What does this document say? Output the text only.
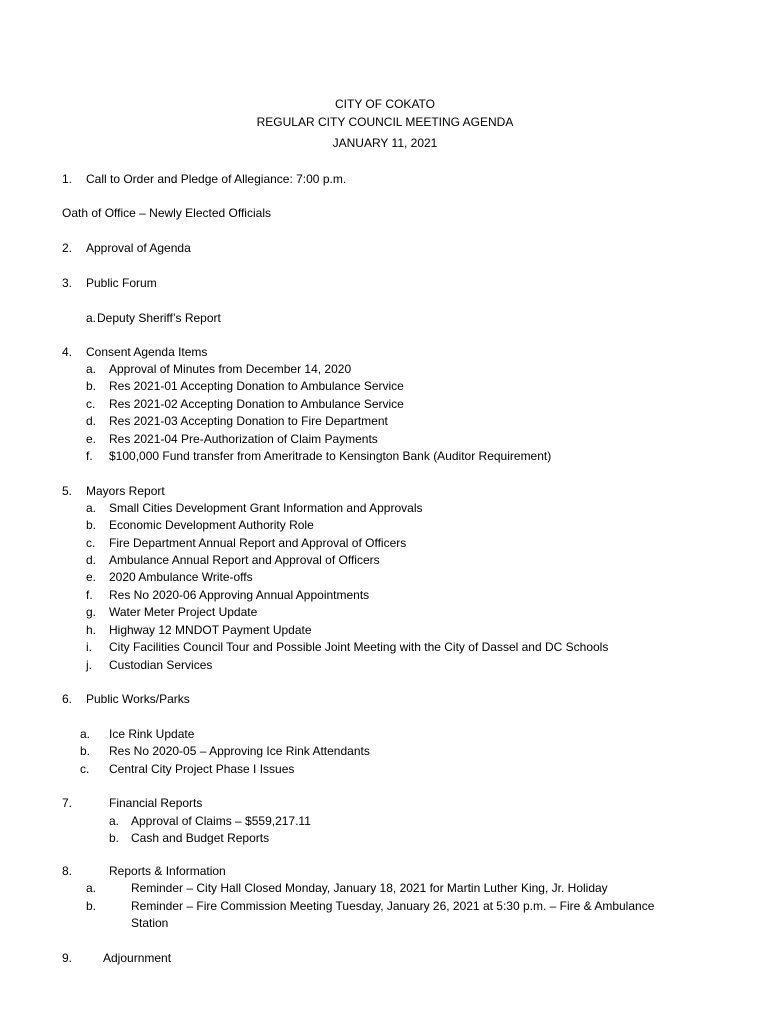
CITY OF COKATO
REGULAR CITY COUNCIL MEETING AGENDA
JANUARY 11, 2021
1. Call to Order and Pledge of Allegiance: 7:00 p.m.
Oath of Office – Newly Elected Officials
2. Approval of Agenda
3. Public Forum
a. Deputy Sheriff’s Report
4. Consent Agenda Items
a. Approval of Minutes from December 14, 2020
b. Res 2021-01 Accepting Donation to Ambulance Service
c. Res 2021-02 Accepting Donation to Ambulance Service
d. Res 2021-03 Accepting Donation to Fire Department
e. Res 2021-04 Pre-Authorization of Claim Payments
f. $100,000 Fund transfer from Ameritrade to Kensington Bank (Auditor Requirement)
5. Mayors Report
a. Small Cities Development Grant Information and Approvals
b. Economic Development Authority Role
c. Fire Department Annual Report and Approval of Officers
d. Ambulance Annual Report and Approval of Officers
e. 2020 Ambulance Write-offs
f. Res No 2020-06 Approving Annual Appointments
g. Water Meter Project Update
h. Highway 12 MNDOT Payment Update
i. City Facilities Council Tour and Possible Joint Meeting with the City of Dassel and DC Schools
j. Custodian Services
6. Public Works/Parks
a. Ice Rink Update
b. Res No 2020-05 – Approving Ice Rink Attendants
c. Central City Project Phase I Issues
7.	Financial Reports
a. Approval of Claims – $559,217.11
b. Cash and Budget Reports
8.	Reports & Information
a.	Reminder – City Hall Closed Monday, January 18, 2021 for Martin Luther King, Jr. Holiday
b.	Reminder – Fire Commission Meeting Tuesday, January 26, 2021 at 5:30 p.m. – Fire & Ambulance
Station
9.	Adjournment
